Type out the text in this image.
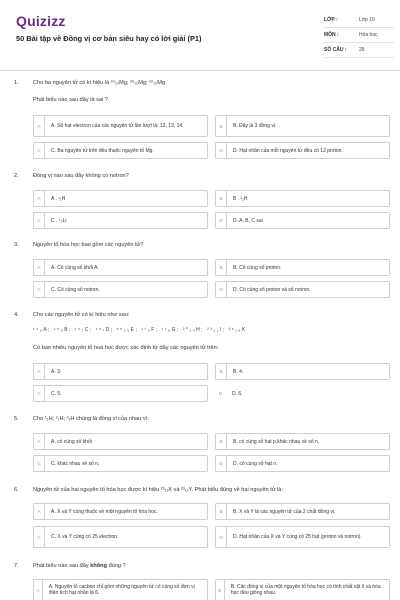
Quizizz
50 Bài tập về Đồng vị cơ bản siêu hay có lời giải (P1)
LỚP :	Lớp 10
MÔN :	Hóa học
SỐ CÂU :	25
1.	Cho ba nguyên tử có kí hiệu là ²⁴₁₂Mg; ²⁵₁₂Mg; ²⁶₁₂Mg
Phát biểu nào sau đây là sai ?
A	A. Số hạt electron của các nguyên tử lần lượt là: 12, 13, 14.	B	B. Đây là 3 đồng vị.
C	C. Ba nguyên tử trên đều thuộc nguyên tố Mg.	D	D. Hạt nhân của mỗi nguyên tử đều có 12 proton.
2.	Đồng vị nào sau đây không có notron?
A	A . ¹₁H	B	B . ²₁H
C	C . ⁷₃Li	D	D. A, B, C sai
3.	Nguyên tố hóa học bao gồm các nguyên tử?
A	A. Có cùng số khối A.	B	B. Có cùng số proton.
C	C. Có cùng số notron.	D	D. Có cùng số proton và số notron.
4.	Cho các nguyên tử có kí hiệu như sau:
¹⁴₆A; ¹⁶₈B; ¹⁵₇C; ¹⁵₇D; ⁵⁶₂₆E; ¹⁷₉F; ¹⁷₈G; ²⁰₁₀H; ²³₁₁I; ³⁹₁₉K
Có bao nhiêu nguyên tố hoá học được xác định từ dãy các nguyên tử trên:
A	A. 3.	B	B. 4.
C	C. 5.	D	D. 6.
5.	Cho ¹₁H; ²₁H; ³₁H chúng là đồng vị của nhau vì:
A	A. có cùng số khối	B	B. có cùng số hạt p,khác nhau về số n.
C	C. khác nhau về số n.	D	D. có cùng số hạt n.
6.	Nguyên tử của hai nguyên tố hóa học được kí hiệu ²³₁₁X và ²³₁₁Y. Phát biểu đúng về hai nguyên tử là:
A	A. X và Y cùng thuộc về một nguyên tố hóa học.	B	B. X và Y là các nguyên tử của 2 chất đồng vị.
C	C. X và Y cùng có 25 electron.	D	D. Hạt nhân của X và Y cùng có 25 hạt (proton và notron).
7.	Phát biểu nào sau đây không đúng ?
A	A. Nguyên tố cacbon chỉ gồm những nguyên tử có cùng số đơn vị điện tích hạt nhân là 6.	B	B. Các đồng vị của một nguyên tố hóa học có tính chất vật lí và hóa học đều giống nhau.
